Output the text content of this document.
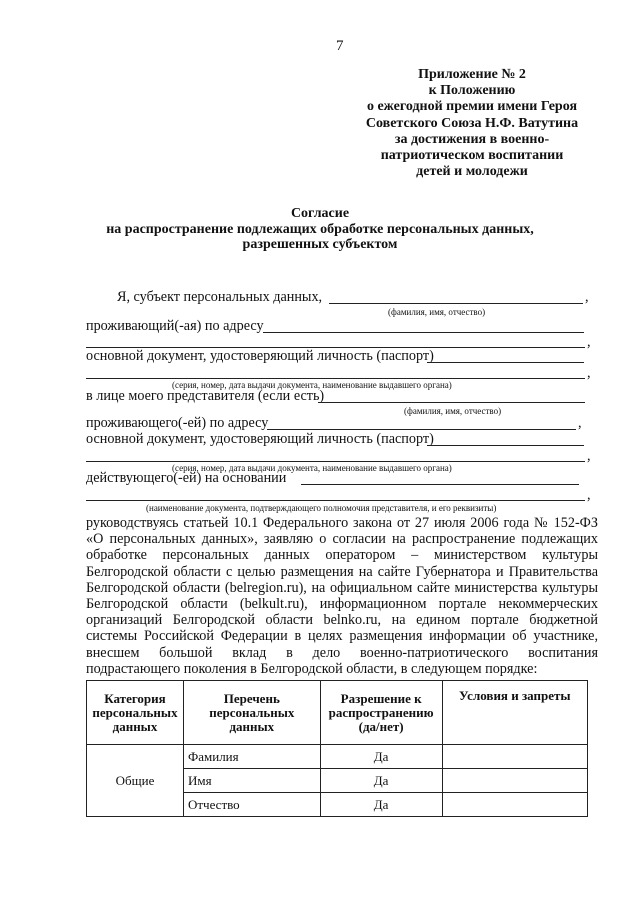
7
Приложение № 2
к Положению
о ежегодной премии имени Героя
Советского Союза Н.Ф. Ватутина
за достижения в военно-
патриотическом воспитании
детей и молодежи
Согласие
на распространение подлежащих обработке персональных данных,
разрешенных субъектом
Я, субъект персональных данных,	,
(фамилия, имя, отчество)
проживающий(-ая) по адресу
,
основной документ, удостоверяющий личность (паспорт)
,
(серия, номер, дата выдачи документа, наименование выдавшего органа)
в лице моего представителя (если есть)
(фамилия, имя, отчество)
проживающего(-ей) по адресу	,
основной документ, удостоверяющий личность (паспорт)
,
(серия, номер, дата выдачи документа, наименование выдавшего органа)
действующего(-ей) на основании
,
(наименование документа, подтверждающего полномочия представителя, и его реквизиты)
руководствуясь статьей 10.1 Федерального закона от 27 июля 2006 года № 152-ФЗ «О персональных данных», заявляю о согласии на распространение подлежащих обработке персональных данных оператором – министерством культуры Белгородской области с целью размещения на сайте Губернатора и Правительства Белгородской области (belregion.ru), на официальном сайте министерства культуры Белгородской области (belkult.ru), информационном портале некоммерческих организаций Белгородской области belnko.ru, на едином портале бюджетной системы Российской Федерации в целях размещения информации об участнике, внесшем большой вклад в дело военно-патриотического воспитания подрастающего поколения в Белгородской области, в следующем порядке:
Категория персональных данных	Перечень персональных данных	Разрешение к распространению (да/нет)	Условия и запреты
Общие	Фамилия	Да	
	Имя	Да	
	Отчество	Да	
